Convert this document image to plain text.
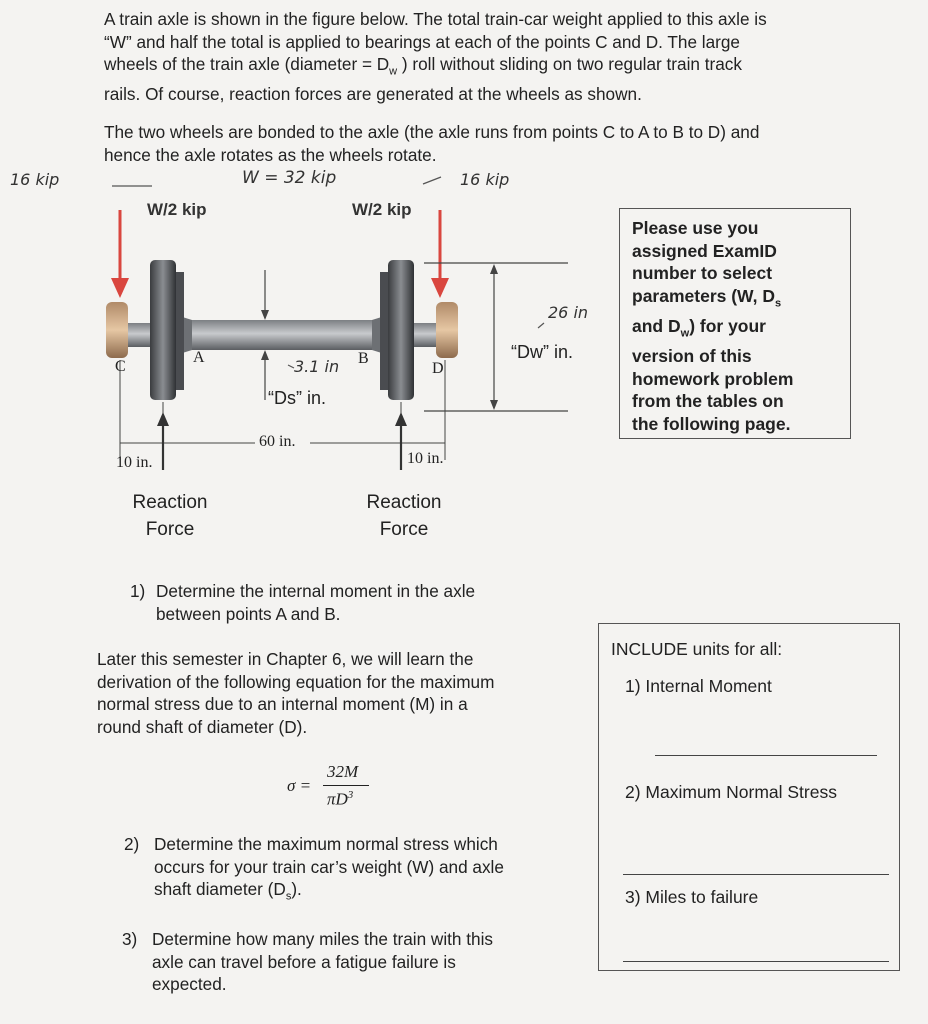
A train axle is shown in the figure below. The total train-car weight applied to this axle is
“W” and half the total is applied to bearings at each of the points C and D. The large
wheels of the train axle (diameter = $D_w$ ) roll without sliding on two regular train track
rails. Of course, reaction forces are generated at the wheels as shown.
The two wheels are bonded to the axle (the axle runs from points C to A to B to D) and
hence the axle rotates as the wheels rotate.
16 kip	W = 32 kip	16 kip
26 in
3.1 in
W/2 kip	W/2 kip
C
A	B
D
“Dw” in.
“Ds” in.
60 in.
10 in.	10 in.
Reaction
Force
Reaction
Force
Please use you
assigned ExamID
number to select
parameters (W, $D_s$
and $D_w$) for your
version of this
homework problem
from the tables on
the following page.
1) Determine the internal moment in the axle
between points A and B.
Later this semester in Chapter 6, we will learn the
derivation of the following equation for the maximum
normal stress due to an internal moment (M) in a
round shaft of diameter (D).
σ =
32M
$\pi D^3$
2) Determine the maximum normal stress which
occurs for your train car’s weight (W) and axle
shaft diameter $(D_s)$.
3) Determine how many miles the train with this
axle can travel before a fatigue failure is
expected.
INCLUDE units for all:
1) Internal Moment
2) Maximum Normal Stress
3) Miles to failure
